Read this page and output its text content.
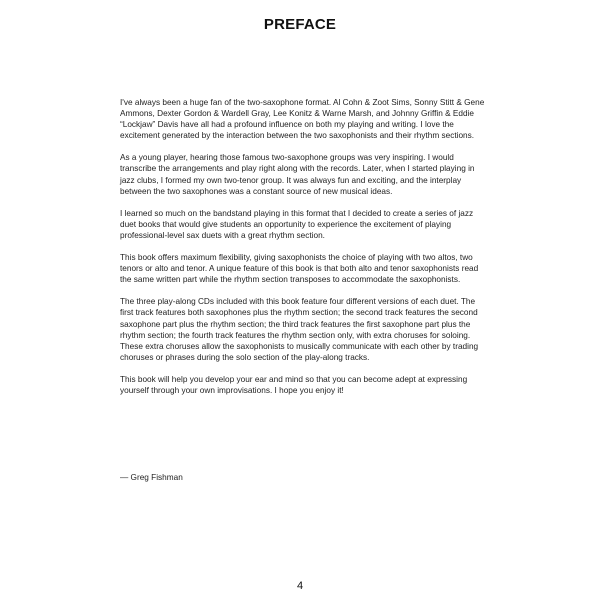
PREFACE

I've always been a huge fan of the two-saxophone format. Al Cohn & Zoot Sims, Sonny Stitt & Gene Ammons, Dexter Gordon & Wardell Gray, Lee Konitz & Warne Marsh, and Johnny Griffin & Eddie “Lockjaw” Davis have all had a profound influence on both my playing and writing. I love the excitement generated by the interaction between the two saxophonists and their rhythm sections.

As a young player, hearing those famous two-saxophone groups was very inspiring. I would transcribe the arrangements and play right along with the records. Later, when I started playing in jazz clubs, I formed my own two-tenor group. It was always fun and exciting, and the interplay between the two saxophones was a constant source of new musical ideas.

I learned so much on the bandstand playing in this format that I decided to create a series of jazz duet books that would give students an opportunity to experience the excitement of playing professional-level sax duets with a great rhythm section.

This book offers maximum flexibility, giving saxophonists the choice of playing with two altos, two tenors or alto and tenor. A unique feature of this book is that both alto and tenor saxophonists read the same written part while the rhythm section transposes to accommodate the saxophonists.

The three play-along CDs included with this book feature four different versions of each duet. The first track features both saxophones plus the rhythm section; the second track features the second saxophone part plus the rhythm section; the third track features the first saxophone part plus the rhythm section; the fourth track features the rhythm section only, with extra choruses for soloing. These extra choruses allow the saxophonists to musically communicate with each other by trading choruses or phrases during the solo section of the play-along tracks.

This book will help you develop your ear and mind so that you can become adept at expressing yourself through your own improvisations. I hope you enjoy it!

— Greg Fishman

4
